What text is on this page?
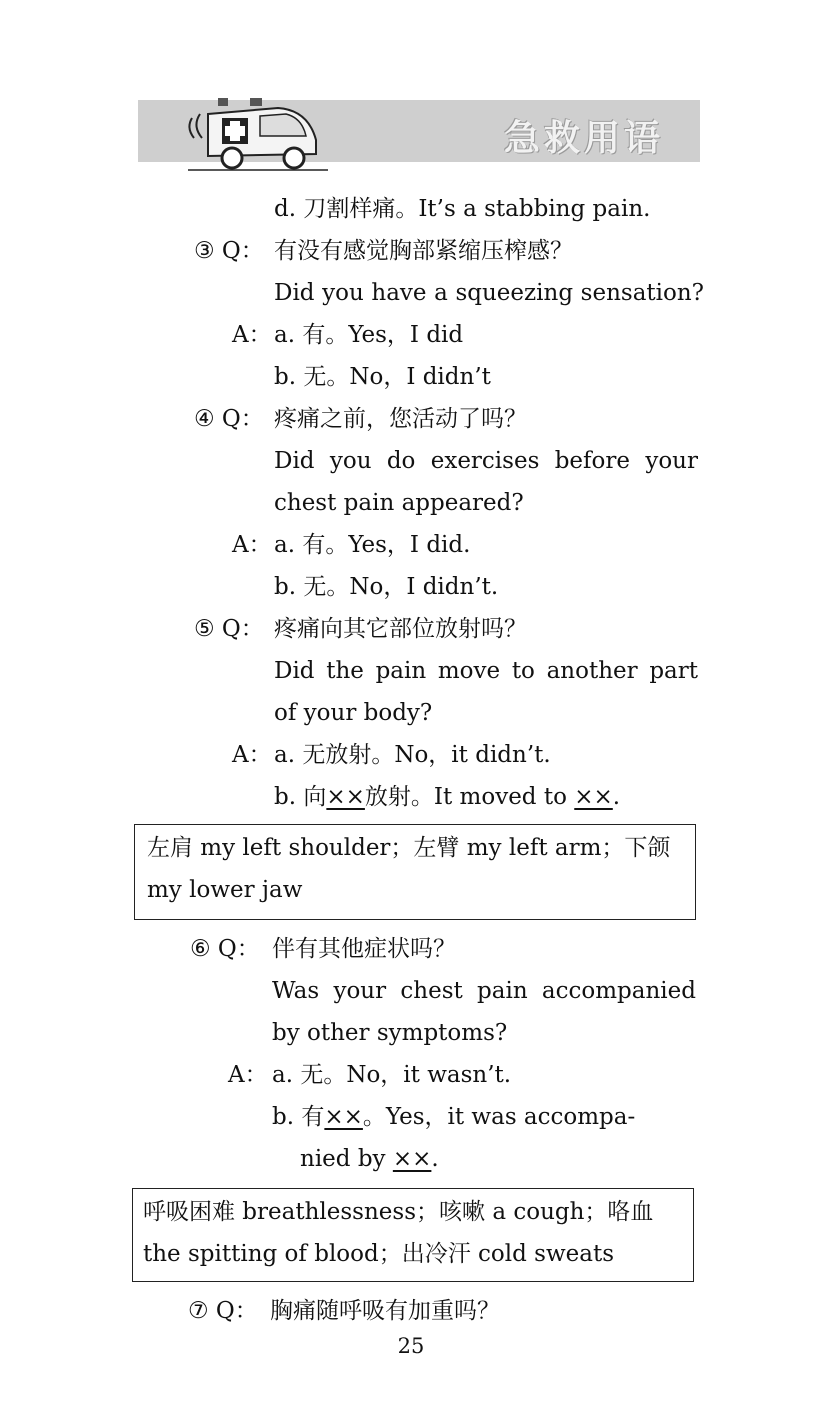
急救用语
d. 刀割样痛。It’s a stabbing pain.
③ Q： 有没有感觉胸部紧缩压榨感？
Did you have a squeezing sensation?
A： a. 有。Yes，I did
b. 无。No，I didn’t
④ Q： 疼痛之前，您活动了吗？
Did you do exercises before your
chest pain appeared?
A： a. 有。Yes，I did.
b. 无。No，I didn’t.
⑤ Q： 疼痛向其它部位放射吗？
Did the pain move to another part
of your body?
A： a. 无放射。No，it didn’t.
b. 向××放射。It moved to ××.
左肩 my left shoulder；左臂 my left arm；下颌
my lower jaw
⑥ Q： 伴有其他症状吗？
Was your chest pain accompanied
by other symptoms?
A： a. 无。No，it wasn’t.
b. 有××。Yes，it was accompa-
nied by ××.
呼吸困难 breathlessness；咳嗽 a cough；咯血
the spitting of blood；出冷汗 cold sweats
⑦ Q： 胸痛随呼吸有加重吗？
25
